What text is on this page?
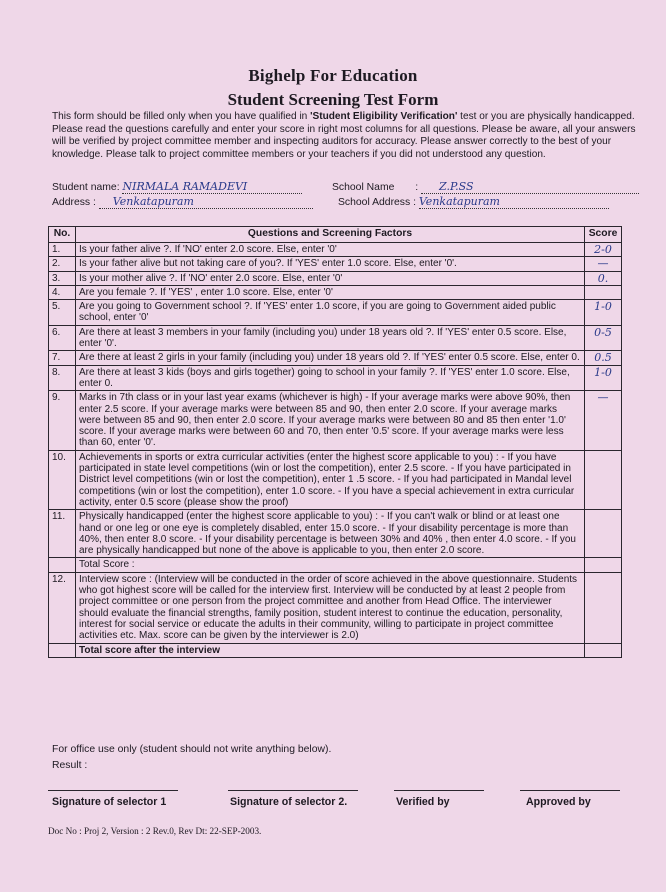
Bighelp For Education
Student Screening Test Form
This form should be filled only when you have qualified in 'Student Eligibility Verification' test or you are physically handicapped. Please read the questions carefully and enter your score in right most columns for all questions. Please be aware, all your answers will be verified by project committee member and inspecting auditors for accuracy. Please answer correctly to the best of your knowledge. Please talk to project committee members or your teachers if you did not understood any question.
Student name: NIRMALA RAMADEVI	School Name : Z.P.SS
Address : Venkatapuram	School Address : Venkatapuram
No.	Questions and Screening Factors	Score
1.	Is your father alive ?. If 'NO' enter 2.0 score. Else, enter '0'	2-0
2.	Is your father alive but not taking care of you?. If 'YES' enter 1.0 score. Else, enter '0'.	—
3.	Is your mother alive ?. If 'NO' enter 2.0 score. Else, enter '0'	0.
4.	Are you female ?. If 'YES' , enter 1.0 score. Else, enter '0'	
5.	Are you going to Government school ?. If 'YES' enter 1.0 score, if you are going to Government aided public school, enter '0'	1-0
6.	Are there at least 3 members in your family (including you) under 18 years old ?. If 'YES' enter 0.5 score. Else, enter '0'.	0-5
7.	Are there at least 2 girls in your family (including you) under 18 years old ?. If 'YES' enter 0.5 score. Else, enter 0.	0.5
8.	Are there at least 3 kids (boys and girls together) going to school in your family ?. If 'YES' enter 1.0 score. Else, enter 0.	1-0
9.	Marks in 7th class or in your last year exams (whichever is high) - If your average marks were above 90%, then enter 2.5 score. If your average marks were between 85 and 90, then enter 2.0 score. If your average marks were between 85 and 90, then enter 2.0 score. If your average marks were between 80 and 85 then enter '1.0' score. If your average marks were between 60 and 70, then enter '0.5' score. If your average marks were less than 60, enter '0'.	—
10.	Achievements in sports or extra curricular activities (enter the highest score applicable to you) : - If you have participated in state level competitions (win or lost the competition), enter 2.5 score. - If you have participated in District level competitions (win or lost the competition), enter 1 .5 score. - If you had participated in Mandal level competitions (win or lost the competition), enter 1.0 score. - If you have a special achievement in extra curricular activity, enter 0.5 score (please show the proof)	
11.	Physically handicapped (enter the highest score applicable to you) : - If you can't walk or blind or at least one hand or one leg or one eye is completely disabled, enter 15.0 score. - If your disability percentage is more than 40%, then enter 8.0 score. - If your disability percentage is between 30% and 40% , then enter 4.0 score. - If you are physically handicapped but none of the above is applicable to you, then enter 2.0 score.	
	Total Score :	
12.	Interview score : (Interview will be conducted in the order of score achieved in the above questionnaire. Students who got highest score will be called for the interview first. Interview will be conducted by at least 2 people from project committee or one person from the project committee and another from Head Office. The interviewer should evaluate the financial strengths, family position, student interest to continue the education, personality, interest for social service or educate the adults in their community, willing to participate in project committee activities etc. Max. score can be given by the interviewer is 2.0)	
	Total score after the interview	
For office use only (student should not write anything below).
Result :
Signature of selector 1	Signature of selector 2.	Verified by	Approved by
Doc No : Proj 2, Version : 2 Rev.0, Rev Dt: 22-SEP-2003.
